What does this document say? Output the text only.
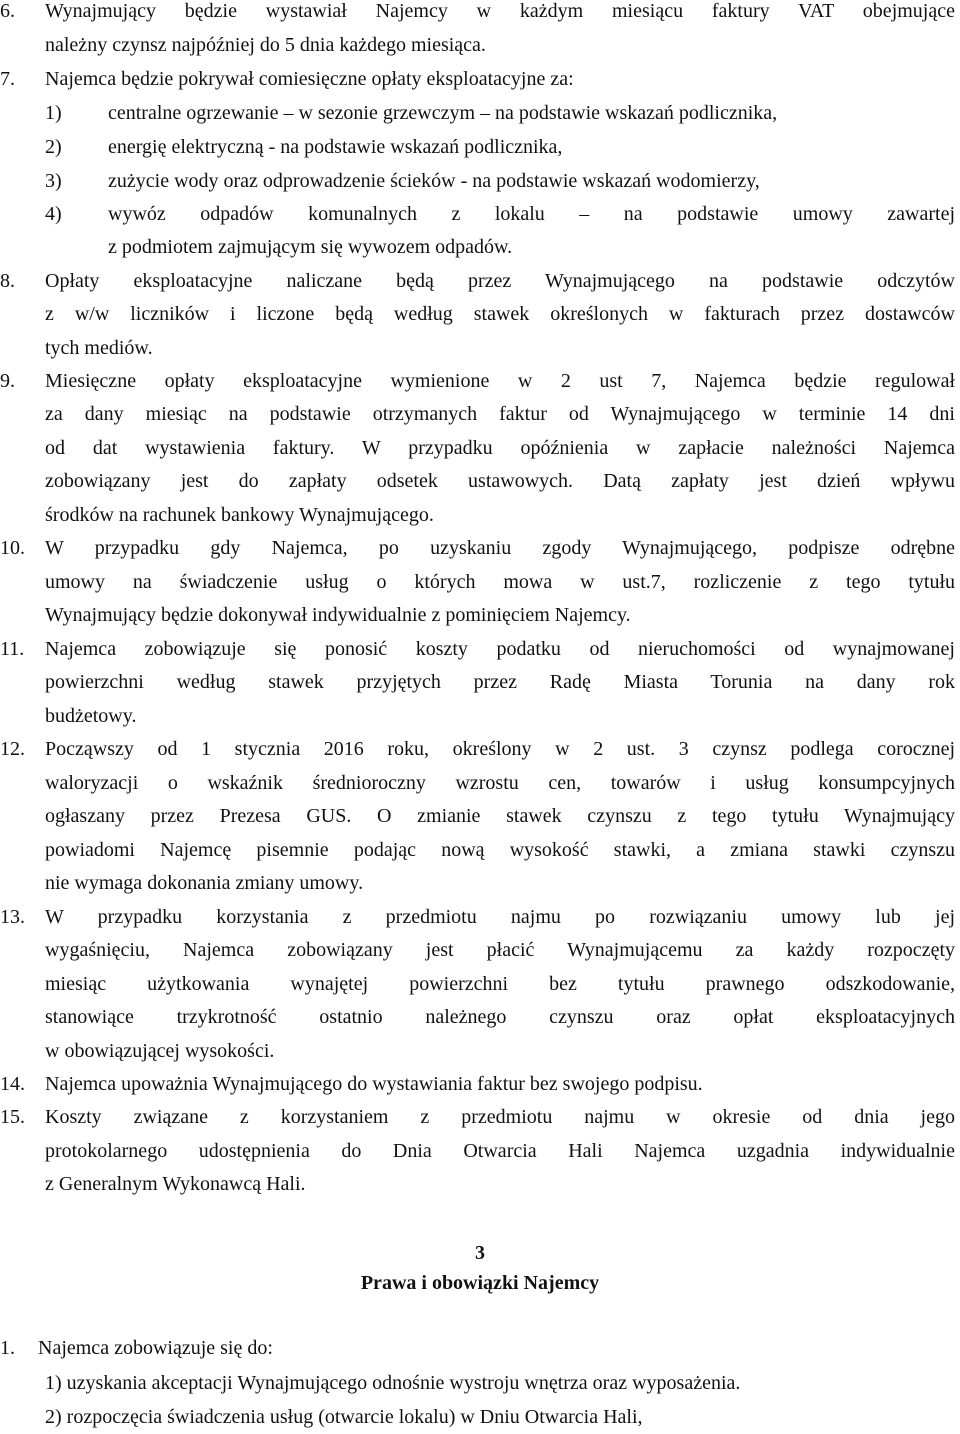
6. Wynajmujący będzie wystawiał Najemcy w każdym miesiącu faktury VAT obejmujące
należny czynsz najpóźniej do 5 dnia każdego miesiąca.
7. Najemca będzie pokrywał comiesięczne opłaty eksploatacyjne za:
1) centralne ogrzewanie – w sezonie grzewczym – na podstawie wskazań podlicznika,
2) energię elektryczną - na podstawie wskazań podlicznika,
3) zużycie wody oraz odprowadzenie ścieków - na podstawie wskazań wodomierzy,
4) wywóz odpadów komunalnych z lokalu – na podstawie umowy zawartej
z podmiotem zajmującym się wywozem odpadów.
8. Opłaty eksploatacyjne naliczane będą przez Wynajmującego na podstawie odczytów
z w/w liczników i liczone będą według stawek określonych w fakturach przez dostawców
tych mediów.
9. Miesięczne opłaty eksploatacyjne wymienione w 2 ust 7, Najemca będzie regulował
za dany miesiąc na podstawie otrzymanych faktur od Wynajmującego w terminie 14 dni
od dat wystawienia faktury. W przypadku opóźnienia w zapłacie należności Najemca
zobowiązany jest do zapłaty odsetek ustawowych. Datą zapłaty jest dzień wpływu
środków na rachunek bankowy Wynajmującego.
10. W przypadku gdy Najemca, po uzyskaniu zgody Wynajmującego, podpisze odrębne
umowy na świadczenie usług o których mowa w ust.7, rozliczenie z tego tytułu
Wynajmujący będzie dokonywał indywidualnie z pominięciem Najemcy.
11. Najemca zobowiązuje się ponosić koszty podatku od nieruchomości od wynajmowanej
powierzchni według stawek przyjętych przez Radę Miasta Torunia na dany rok
budżetowy.
12. Począwszy od 1 stycznia 2016 roku, określony w 2 ust. 3 czynsz podlega corocznej
waloryzacji o wskaźnik średnioroczny wzrostu cen, towarów i usług konsumpcyjnych
ogłaszany przez Prezesa GUS. O zmianie stawek czynszu z tego tytułu Wynajmujący
powiadomi Najemcę pisemnie podając nową wysokość stawki, a zmiana stawki czynszu
nie wymaga dokonania zmiany umowy.
13. W przypadku korzystania z przedmiotu najmu po rozwiązaniu umowy lub jej
wygaśnięciu, Najemca zobowiązany jest płacić Wynajmującemu za każdy rozpoczęty
miesiąc użytkowania wynajętej powierzchni bez tytułu prawnego odszkodowanie,
stanowiące trzykrotność ostatnio należnego czynszu oraz opłat eksploatacyjnych
w obowiązującej wysokości.
14. Najemca upoważnia Wynajmującego do wystawiania faktur bez swojego podpisu.
15. Koszty związane z korzystaniem z przedmiotu najmu w okresie od dnia jego
protokolarnego udostępnienia do Dnia Otwarcia Hali Najemca uzgadnia indywidualnie
z Generalnym Wykonawcą Hali.
3
Prawa i obowiązki Najemcy
1. Najemca zobowiązuje się do:
1) uzyskania akceptacji Wynajmującego odnośnie wystroju wnętrza oraz wyposażenia.
2) rozpoczęcia świadczenia usług (otwarcie lokalu) w Dniu Otwarcia Hali,
